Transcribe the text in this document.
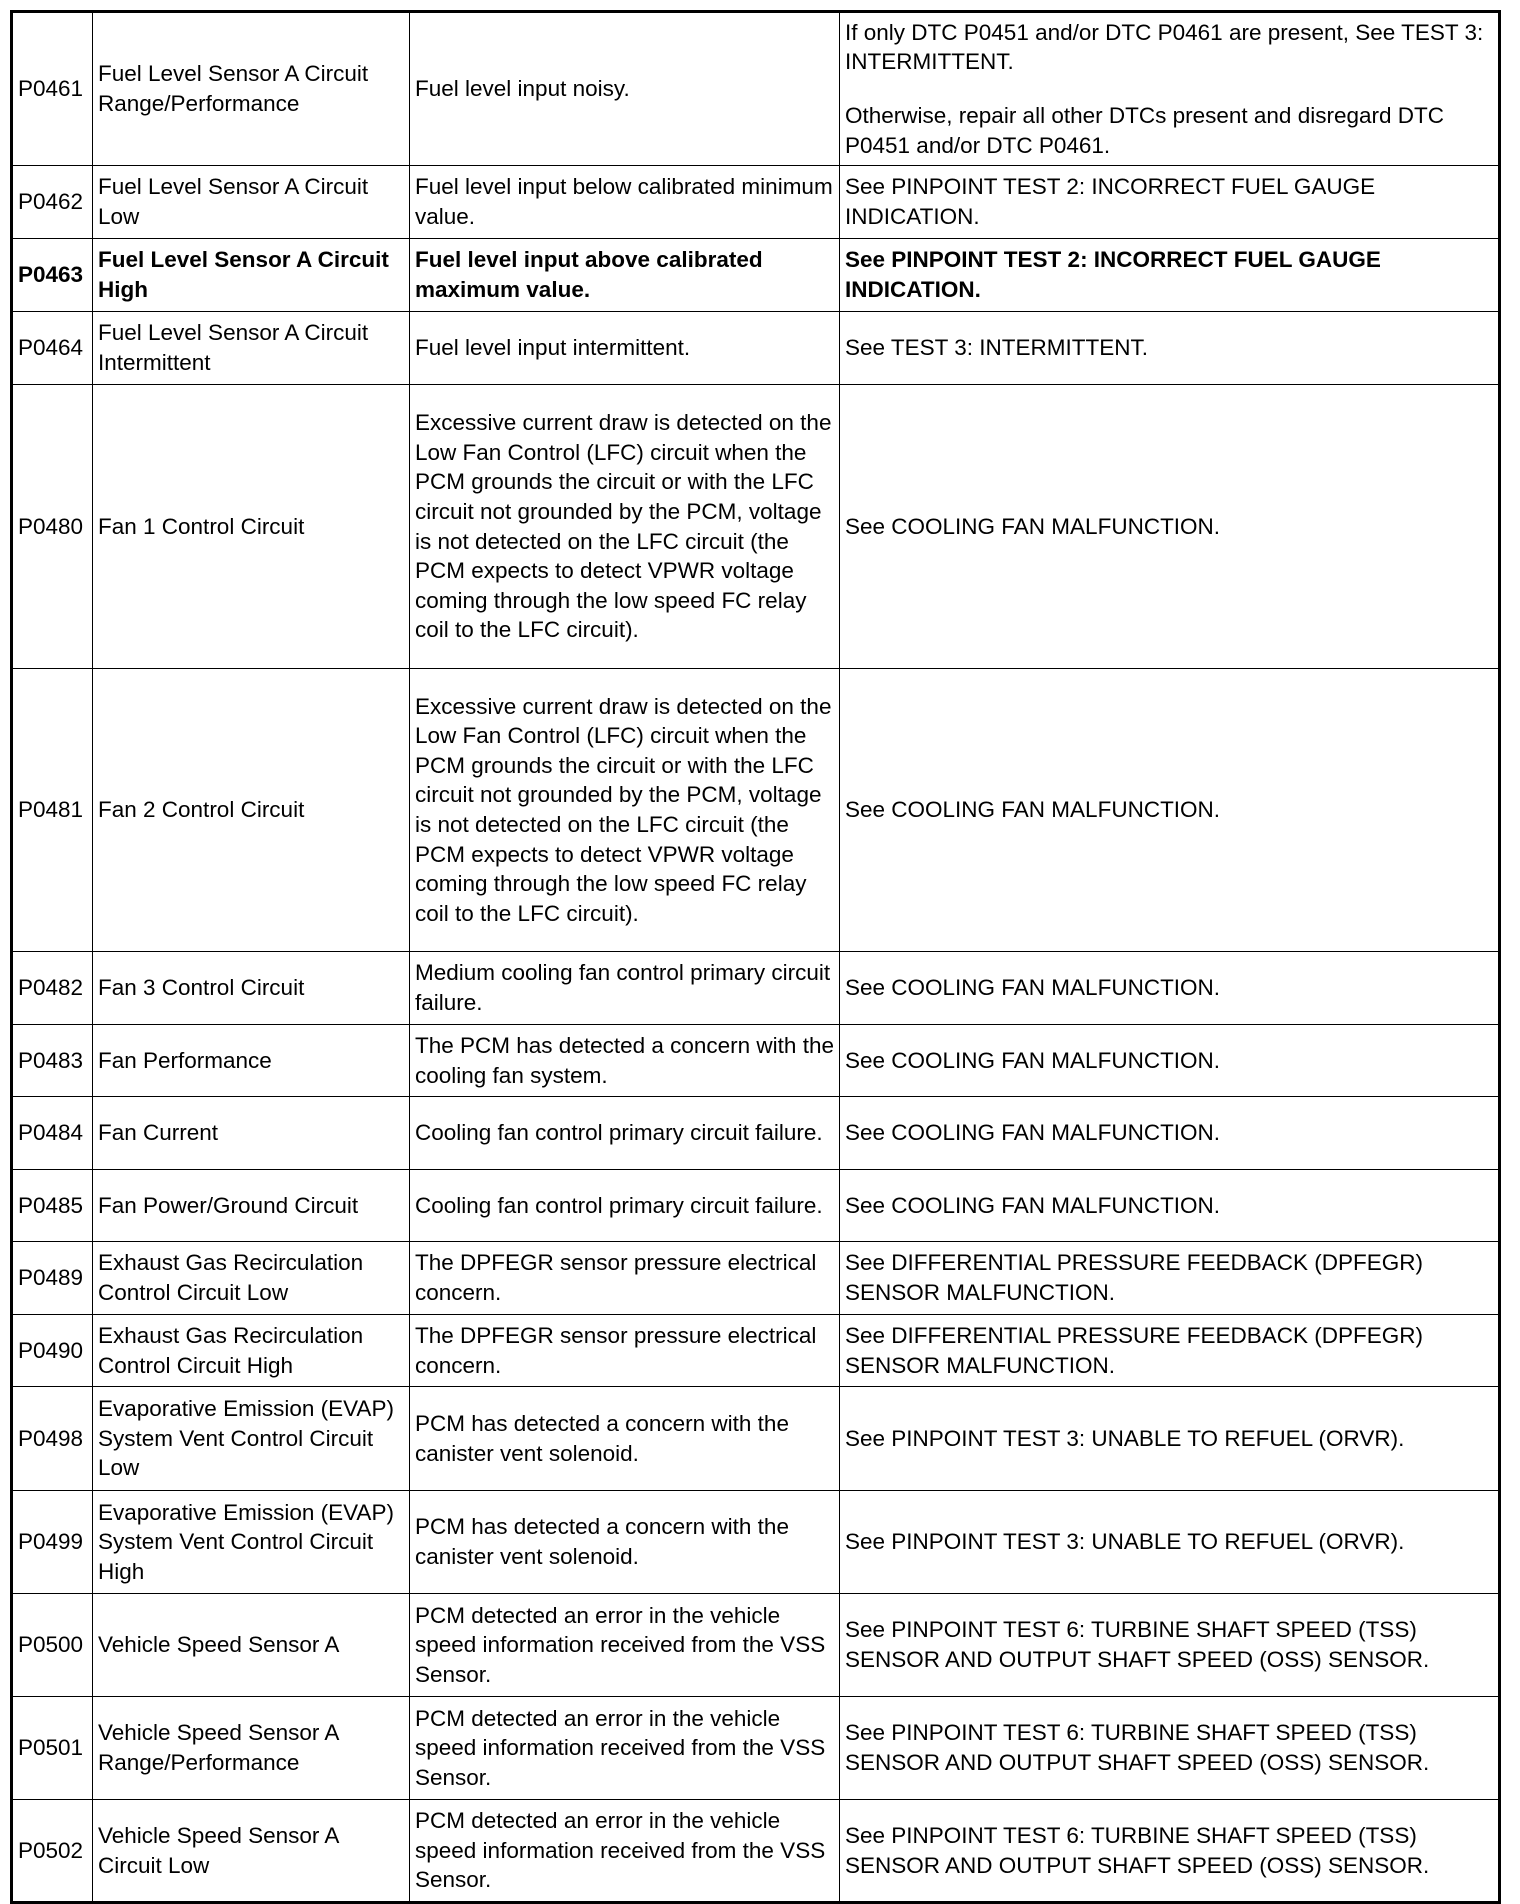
P0461	Fuel Level Sensor A Circuit Range/Performance	Fuel level input noisy.	If only DTC P0451 and/or DTC P0461 are present, See TEST 3: INTERMITTENT.

Otherwise, repair all other DTCs present and disregard DTC P0451 and/or DTC P0461.

P0462	Fuel Level Sensor A Circuit Low	Fuel level input below calibrated minimum value.	See PINPOINT TEST 2: INCORRECT FUEL GAUGE INDICATION.
P0463	Fuel Level Sensor A Circuit High	Fuel level input above calibrated maximum value.	See PINPOINT TEST 2: INCORRECT FUEL GAUGE INDICATION.
P0464	Fuel Level Sensor A Circuit Intermittent	Fuel level input intermittent.	See TEST 3: INTERMITTENT.
P0480	Fan 1 Control Circuit	Excessive current draw is detected on the Low Fan Control (LFC) circuit when the PCM grounds the circuit or with the LFC circuit not grounded by the PCM, voltage is not detected on the LFC circuit (the PCM expects to detect VPWR voltage coming through the low speed FC relay coil to the LFC circuit).	See COOLING FAN MALFUNCTION.
P0481	Fan 2 Control Circuit	Excessive current draw is detected on the Low Fan Control (LFC) circuit when the PCM grounds the circuit or with the LFC circuit not grounded by the PCM, voltage is not detected on the LFC circuit (the PCM expects to detect VPWR voltage coming through the low speed FC relay coil to the LFC circuit).	See COOLING FAN MALFUNCTION.
P0482	Fan 3 Control Circuit	Medium cooling fan control primary circuit failure.	See COOLING FAN MALFUNCTION.
P0483	Fan Performance	The PCM has detected a concern with the cooling fan system.	See COOLING FAN MALFUNCTION.
P0484	Fan Current	Cooling fan control primary circuit failure.	See COOLING FAN MALFUNCTION.
P0485	Fan Power/Ground Circuit	Cooling fan control primary circuit failure.	See COOLING FAN MALFUNCTION.
P0489	Exhaust Gas Recirculation Control Circuit Low	The DPFEGR sensor pressure electrical concern.	See DIFFERENTIAL PRESSURE FEEDBACK (DPFEGR) SENSOR MALFUNCTION.
P0490	Exhaust Gas Recirculation Control Circuit High	The DPFEGR sensor pressure electrical concern.	See DIFFERENTIAL PRESSURE FEEDBACK (DPFEGR) SENSOR MALFUNCTION.
P0498	Evaporative Emission (EVAP) System Vent Control Circuit Low	PCM has detected a concern with the canister vent solenoid.	See PINPOINT TEST 3: UNABLE TO REFUEL (ORVR).
P0499	Evaporative Emission (EVAP) System Vent Control Circuit High	PCM has detected a concern with the canister vent solenoid.	See PINPOINT TEST 3: UNABLE TO REFUEL (ORVR).
P0500	Vehicle Speed Sensor A	PCM detected an error in the vehicle speed information received from the VSS Sensor.	See PINPOINT TEST 6: TURBINE SHAFT SPEED (TSS) SENSOR AND OUTPUT SHAFT SPEED (OSS) SENSOR.
P0501	Vehicle Speed Sensor A Range/Performance	PCM detected an error in the vehicle speed information received from the VSS Sensor.	See PINPOINT TEST 6: TURBINE SHAFT SPEED (TSS) SENSOR AND OUTPUT SHAFT SPEED (OSS) SENSOR.
P0502	Vehicle Speed Sensor A Circuit Low	PCM detected an error in the vehicle speed information received from the VSS Sensor.	See PINPOINT TEST 6: TURBINE SHAFT SPEED (TSS) SENSOR AND OUTPUT SHAFT SPEED (OSS) SENSOR.
